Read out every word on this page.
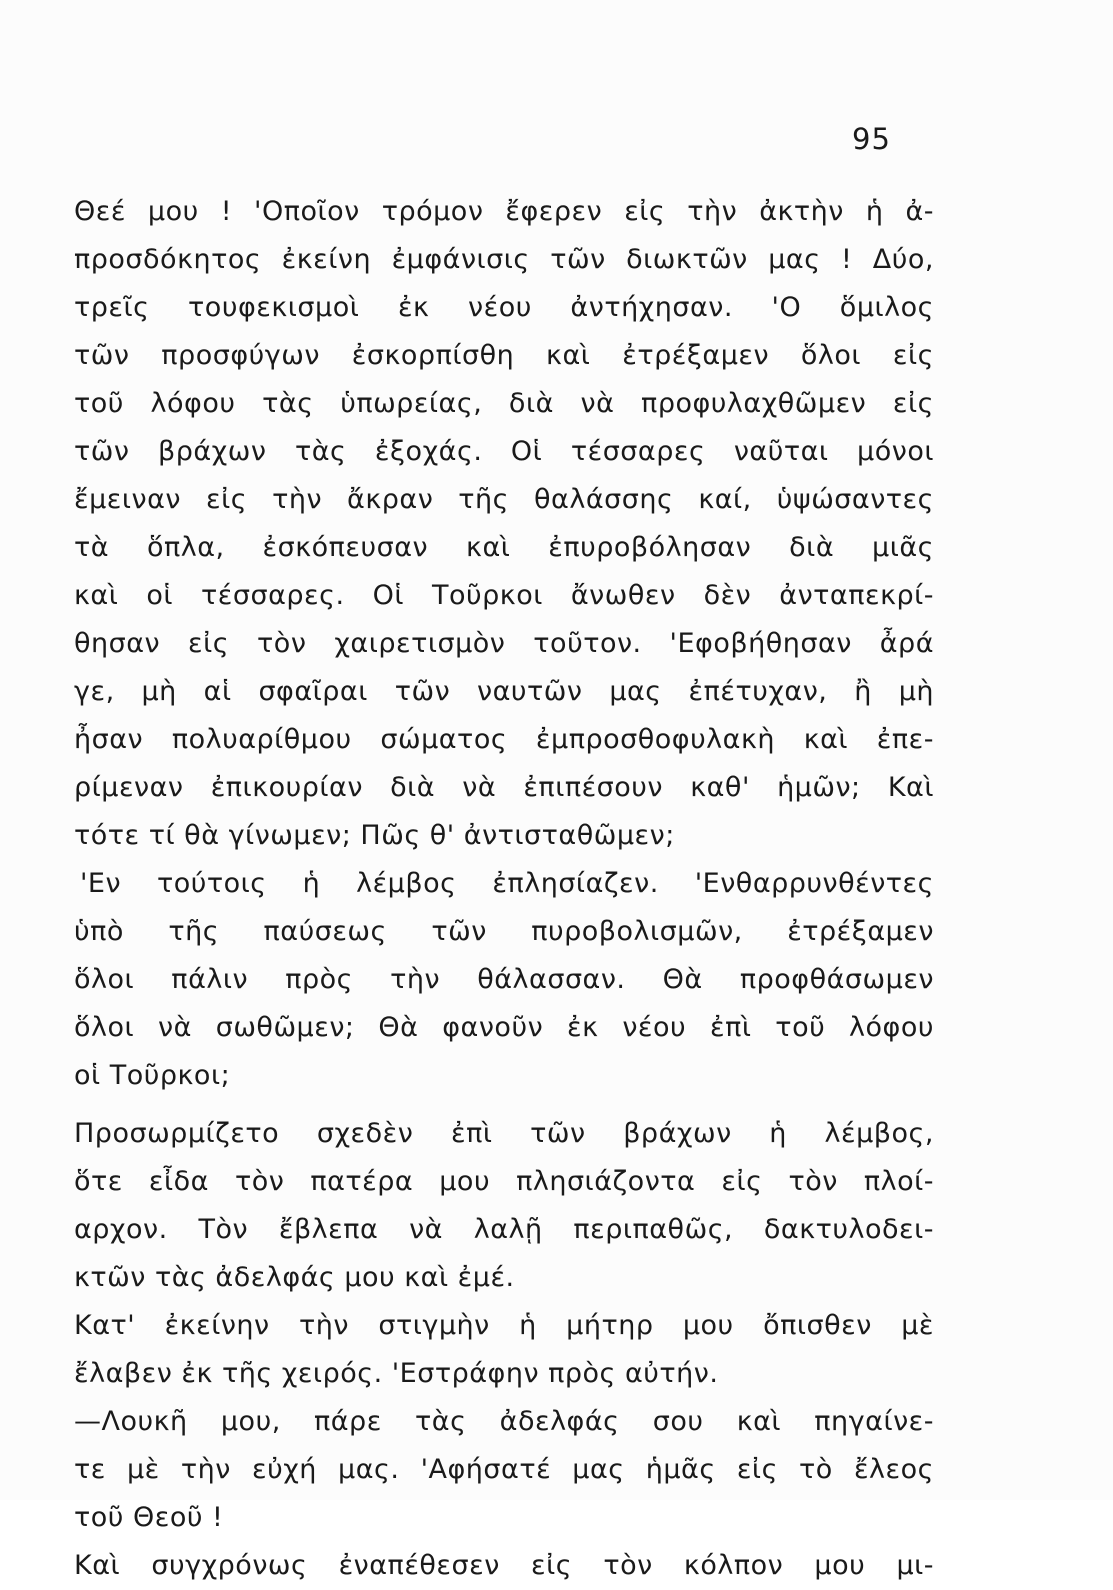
95
Θεέ μου ! 'Οποῖον τρόμον ἔφερεν εἰς τὴν ἀκτὴν ἡ ἀ-
προσδόκητος ἐκείνη ἐμφάνισις τῶν διωκτῶν μας ! Δύο,
τρεῖς τουφεκισμοὶ ἐκ νέου ἀντήχησαν. 'Ο ὅμιλος
τῶν προσφύγων ἐσκορπίσθη καὶ ἐτρέξαμεν ὅλοι εἰς
τοῦ λόφου τὰς ὑπωρείας, διὰ νὰ προφυλαχθῶμεν εἰς
τῶν βράχων τὰς ἐξοχάς. Οἱ τέσσαρες ναῦται μόνοι
ἔμειναν εἰς τὴν ἄκραν τῆς θαλάσσης καί, ὑψώσαντες
τὰ ὅπλα, ἐσκόπευσαν καὶ ἐπυροβόλησαν διὰ μιᾶς
καὶ οἱ τέσσαρες. Οἱ Τοῦρκοι ἄνωθεν δὲν ἀνταπεκρί-
θησαν εἰς τὸν χαιρετισμὸν τοῦτον. 'Εφοβήθησαν ἆρά
γε, μὴ αἱ σφαῖραι τῶν ναυτῶν μας ἐπέτυχαν, ἢ μὴ
ἦσαν πολυαρίθμου σώματος ἐμπροσθοφυλακὴ καὶ ἐπε-
ρίμεναν ἐπικουρίαν διὰ νὰ ἐπιπέσουν καθ' ἡμῶν; Καὶ
τότε τί θὰ γίνωμεν; Πῶς θ' ἀντισταθῶμεν;
'Εν τούτοις ἡ λέμβος ἐπλησίαζεν. 'Ενθαρρυνθέντες
ὑπὸ τῆς παύσεως τῶν πυροβολισμῶν, ἐτρέξαμεν
ὅλοι πάλιν πρὸς τὴν θάλασσαν. Θὰ προφθάσωμεν
ὅλοι νὰ σωθῶμεν; Θὰ φανοῦν ἐκ νέου ἐπὶ τοῦ λόφου
οἱ Τοῦρκοι;
Προσωρμίζετο σχεδὲν ἐπὶ τῶν βράχων ἡ λέμβος,
ὅτε εἶδα τὸν πατέρα μου πλησιάζοντα εἰς τὸν πλοί-
αρχον. Τὸν ἔβλεπα νὰ λαλῇ περιπαθῶς, δακτυλοδει-
κτῶν τὰς ἀδελφάς μου καὶ ἐμέ.
Κατ' ἐκείνην τὴν στιγμὴν ἡ μήτηρ μου ὄπισθεν μὲ
ἔλαβεν ἐκ τῆς χειρός. 'Εστράφην πρὸς αὐτήν.
—Λουκῆ μου, πάρε τὰς ἀδελφάς σου καὶ πηγαίνε-
τε μὲ τὴν εὐχή μας. 'Αφήσατέ μας ἡμᾶς εἰς τὸ ἔλεος
τοῦ Θεοῦ !
Καὶ συγχρόνως ἐναπέθεσεν εἰς τὸν κόλπον μου μι-
